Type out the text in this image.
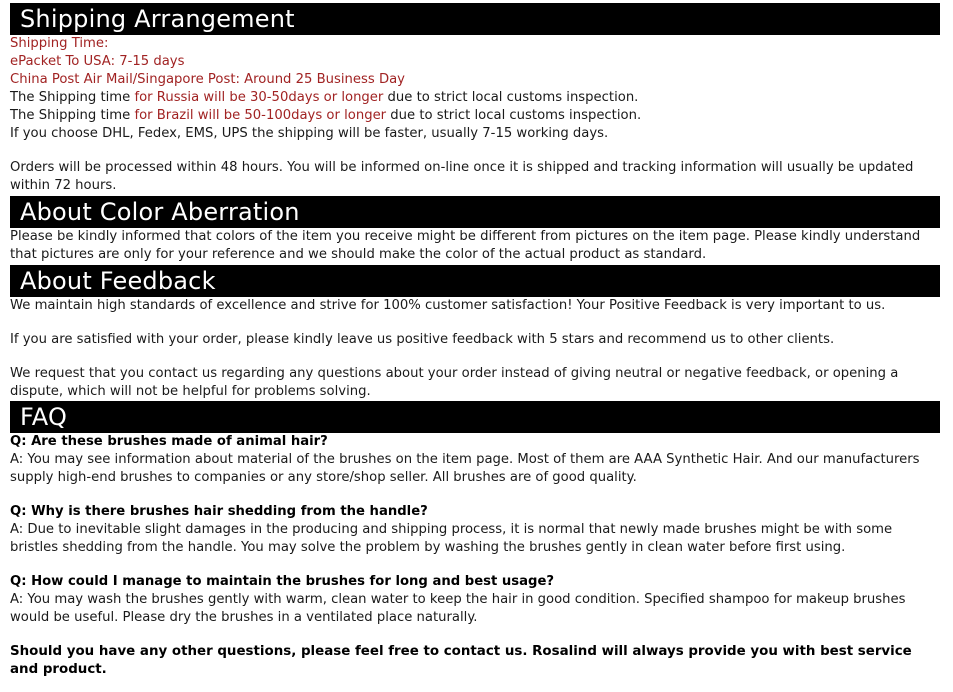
Shipping Arrangement
Shipping Time:
ePacket To USA: 7-15 days
China Post Air Mail/Singapore Post: Around 25 Business Day
The Shipping time for Russia will be 30-50days or longer due to strict local customs inspection.
The Shipping time for Brazil will be 50-100days or longer due to strict local customs inspection.
If you choose DHL, Fedex, EMS, UPS the shipping will be faster, usually 7-15 working days.
Orders will be processed within 48 hours. You will be informed on-line once it is shipped and tracking information will usually be updated within 72 hours.
About Color Aberration
Please be kindly informed that colors of the item you receive might be different from pictures on the item page. Please kindly understand that pictures are only for your reference and we should make the color of the actual product as standard.
About Feedback
We maintain high standards of excellence and strive for 100% customer satisfaction! Your Positive Feedback is very important to us.
If you are satisfied with your order, please kindly leave us positive feedback with 5 stars and recommend us to other clients.
We request that you contact us regarding any questions about your order instead of giving neutral or negative feedback, or opening a dispute, which will not be helpful for problems solving.
FAQ
Q: Are these brushes made of animal hair?
A: You may see information about material of the brushes on the item page. Most of them are AAA Synthetic Hair. And our manufacturers supply high-end brushes to companies or any store/shop seller. All brushes are of good quality.
Q: Why is there brushes hair shedding from the handle?
A: Due to inevitable slight damages in the producing and shipping process, it is normal that newly made brushes might be with some bristles shedding from the handle. You may solve the problem by washing the brushes gently in clean water before first using.
Q: How could I manage to maintain the brushes for long and best usage?
A: You may wash the brushes gently with warm, clean water to keep the hair in good condition. Specified shampoo for makeup brushes would be useful. Please dry the brushes in a ventilated place naturally.
Should you have any other questions, please feel free to contact us. Rosalind will always provide you with best service and product.
